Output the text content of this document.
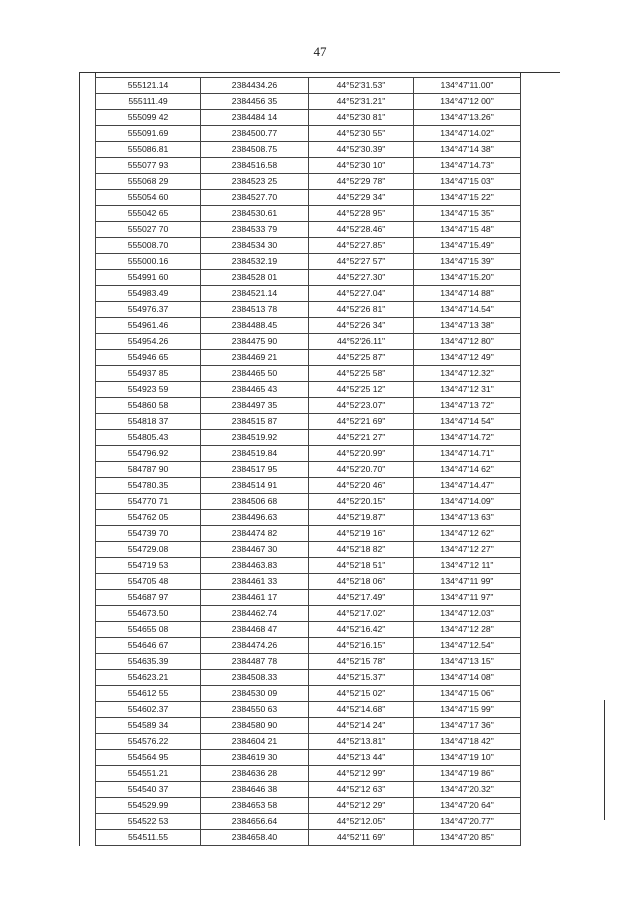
47
555121.14	2384434.26	44°52'31.53"	134°47'11.00"
555111.49	2384456 35	44°52'31.21"	134°47'12 00"
555099 42	2384484 14	44°52'30 81"	134°47'13.26"
555091.69	2384500.77	44°52'30 55"	134°47'14.02"
555086.81	2384508.75	44°52'30.39"	134°47'14 38"
555077 93	2384516.58	44°52'30 10"	134°47'14.73"
555068 29	2384523 25	44°52'29 78"	134°47'15 03"
555054 60	2384527.70	44°52'29 34"	134°47'15 22"
555042 65	2384530.61	44°52'28 95"	134°47'15 35"
555027 70	2384533 79	44°52'28.46"	134°47'15 48"
555008.70	2384534 30	44°52'27.85"	134°47'15.49"
555000.16	2384532.19	44°52'27 57"	134°47'15 39"
554991 60	2384528 01	44°52'27.30"	134°47'15.20"
554983.49	2384521.14	44°52'27.04"	134°47'14 88"
554976.37	2384513 78	44°52'26 81"	134°47'14.54"
554961.46	2384488.45	44°52'26 34"	134°47'13 38"
554954.26	2384475 90	44°52'26.11"	134°47'12 80"
554946 65	2384469 21	44°52'25 87"	134°47'12 49"
554937 85	2384465 50	44°52'25 58"	134°47'12.32"
554923 59	2384465 43	44°52'25 12"	134°47'12 31"
554860 58	2384497 35	44°52'23.07"	134°47'13 72"
554818 37	2384515 87	44°52'21 69"	134°47'14 54"
554805.43	2384519.92	44°52'21 27"	134°47'14.72"
554796.92	2384519.84	44°52'20.99"	134°47'14.71"
584787 90	2384517 95	44°52'20.70"	134°47'14 62"
554780.35	2384514 91	44°52'20 46"	134°47'14.47"
554770 71	2384506 68	44°52'20.15"	134°47'14.09"
554762 05	2384496.63	44°52'19.87"	134°47'13 63"
554739 70	2384474 82	44°52'19 16"	134°47'12 62"
554729.08	2384467 30	44°52'18 82"	134°47'12 27"
554719 53	2384463.83	44°52'18 51"	134°47'12 11"
554705 48	2384461 33	44°52'18 06"	134°47'11 99"
554687 97	2384461 17	44°52'17.49"	134°47'11 97"
554673.50	2384462.74	44°52'17.02"	134°47'12.03"
554655 08	2384468 47	44°52'16.42"	134°47'12 28"
554646 67	2384474.26	44°52'16.15"	134°47'12.54"
554635.39	2384487 78	44°52'15 78"	134°47'13 15"
554623.21	2384508.33	44°52'15.37"	134°47'14 08"
554612 55	2384530 09	44°52'15 02"	134°47'15 06"
554602.37	2384550 63	44°52'14.68"	134°47'15 99"
554589 34	2384580 90	44°52'14 24"	134°47'17 36"
554576.22	2384604 21	44°52'13.81"	134°47'18 42"
554564 95	2384619 30	44°52'13 44"	134°47'19 10"
554551.21	2384636 28	44°52'12 99"	134°47'19 86"
554540 37	2384646 38	44°52'12 63"	134°47'20.32"
554529.99	2384653 58	44°52'12 29"	134°47'20 64"
554522 53	2384656.64	44°52'12.05"	134°47'20.77"
554511.55	2384658.40	44°52'11 69"	134°47'20 85"
